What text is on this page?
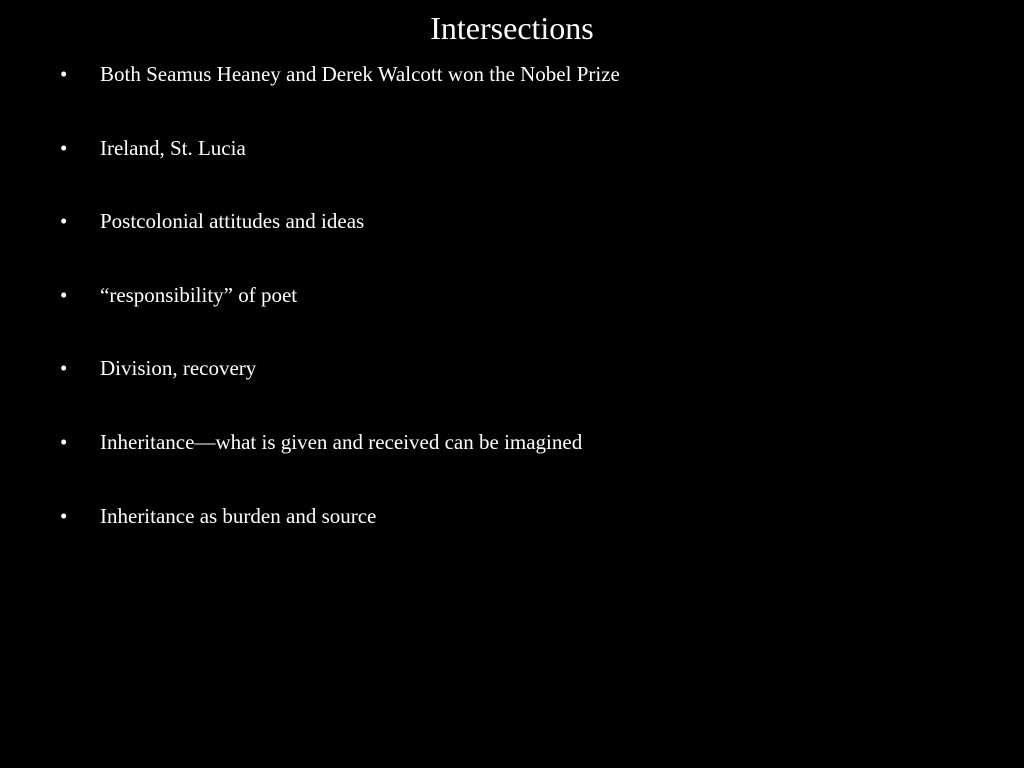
Intersections
•	Both Seamus Heaney and Derek Walcott won the Nobel Prize
•	Ireland, St. Lucia
•	Postcolonial attitudes and ideas
•	“responsibility” of poet
•	Division, recovery
•	Inheritance—what is given and received can be imagined
•	Inheritance as burden and source
